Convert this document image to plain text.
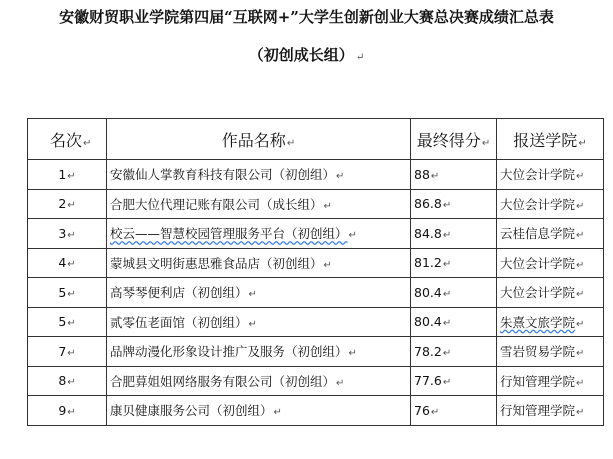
安徽财贸职业学院第四届“互联网+”大学生创新创业大赛总决赛成绩汇总表
（初创成长组） ↵
名次↵	作品名称↵	最终得分↵	报送学院↵
1↵	安徽仙人掌教育科技有限公司（初创组）↵	88↵	大位会计学院↵
2↵	合肥大位代理记账有限公司（成长组）↵	86.8↵	大位会计学院↵
3↵	校云——智慧校园管理服务平台（初创组）↵	84.8↵	云桂信息学院↵
4↵	蒙城县文明街惠思雅食品店（初创组）↵	81.2↵	大位会计学院↵
5↵	高琴琴便利店（初创组）↵	80.4↵	大位会计学院↵
5↵	贰零伍老面馆（初创组）↵	80.4↵	朱熹文旅学院↵
7↵	品牌动漫化形象设计推广及服务（初创组）↵	78.2↵	雪岩贸易学院↵
8↵	合肥萛姐姐网络服务有限公司（初创组）↵	77.6↵	行知管理学院↵
9↵	康贝健康服务公司（初创组）↵	76↵	行知管理学院↵
